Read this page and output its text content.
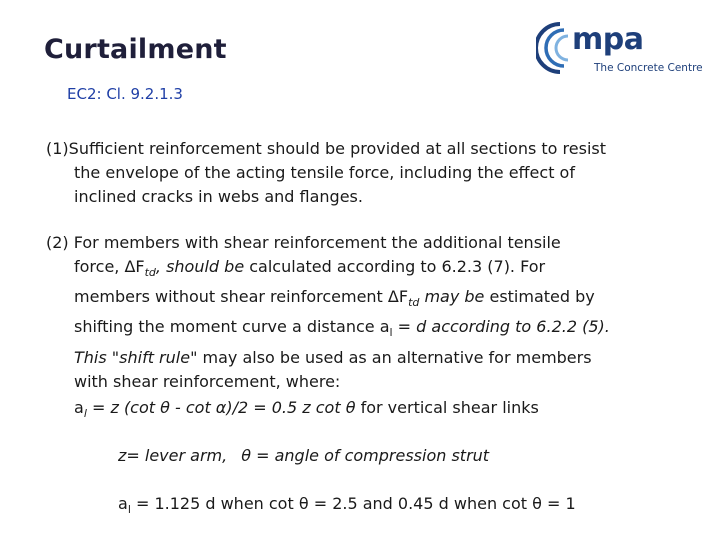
Curtailment
EC2: Cl. 9.2.1.3
mpa
The Concrete Centre
(1)Sufficient reinforcement should be provided at all sections to resist
the envelope of the acting tensile force, including the effect of
inclined cracks in webs and flanges.
(2) For members with shear reinforcement the additional tensile
force, $\Delta F_{td}$, should be calculated according to 6.2.3 (7). For
members without shear reinforcement $\Delta F_{td}$ may be estimated by
shifting the moment curve a distance $a_l = d$ according to 6.2.2 (5).
This "shift rule" may also be used as an alternative for members
with shear reinforcement, where:
$a_l = z$ (cot θ - cot α)/2 = 0.5 z cot θ for vertical shear links
z= lever arm, θ = angle of compression strut
$a_l = 1.125$ d when cot θ = 2.5 and 0.45 d when cot θ = 1
